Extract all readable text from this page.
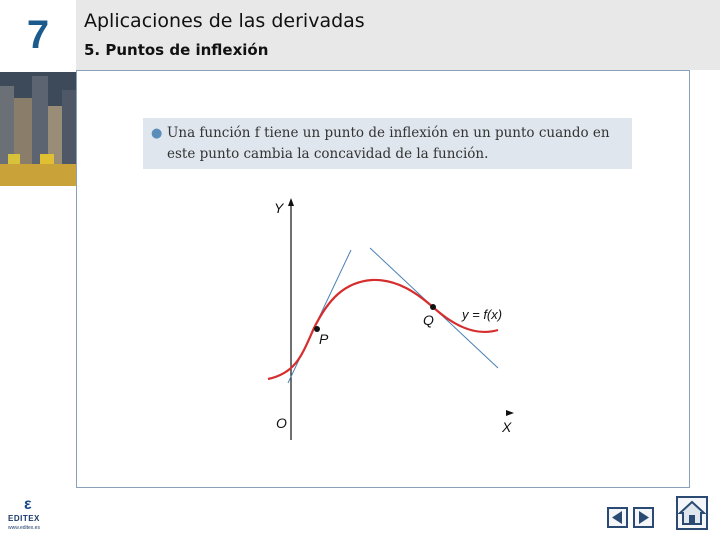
7	Aplicaciones de las derivadas
5. Puntos de inflexión
ε
EDITEX
www.editex.es
● Una función f tiene un punto de inflexión en un punto cuando en este punto cambia la concavidad de la función.
Y
X
O
P
Q y = f(x)
